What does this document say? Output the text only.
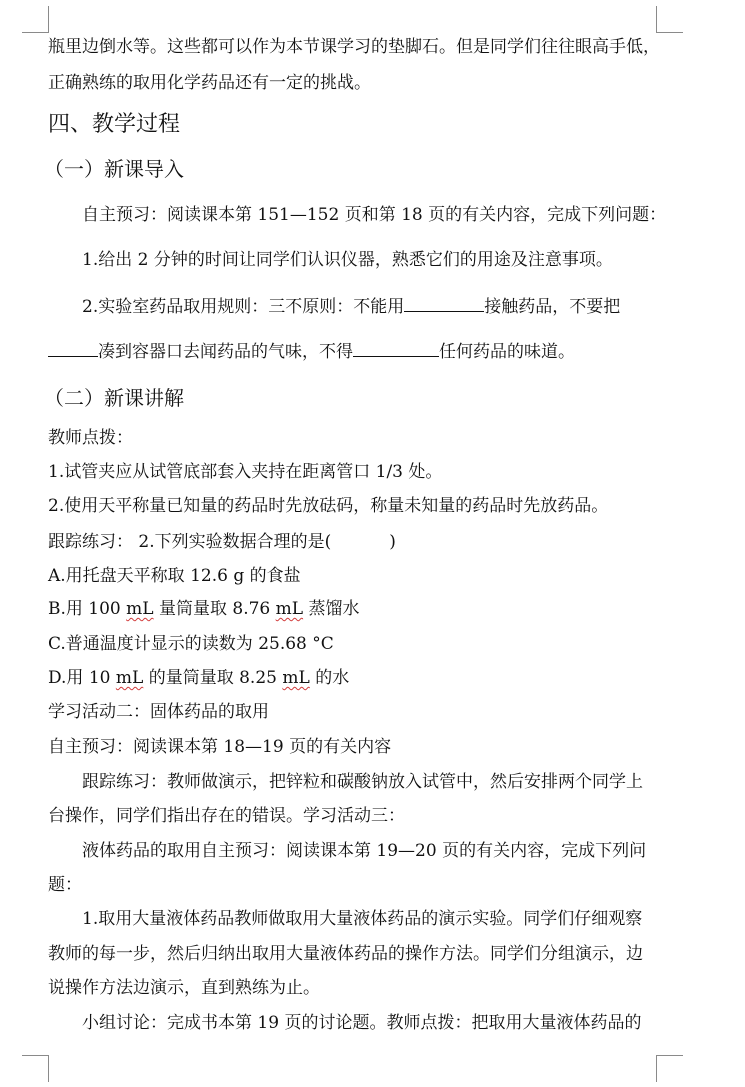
瓶里边倒水等。这些都可以作为本节课学习的垫脚石。但是同学们往往眼高手低，
正确熟练的取用化学药品还有一定的挑战。
四、教学过程
（一）新课导入
自主预习：阅读课本第 151—152 页和第 18 页的有关内容，完成下列问题：
1.给出 2 分钟的时间让同学们认识仪器，熟悉它们的用途及注意事项。
2.实验室药品取用规则：三不原则：不能用	接触药品，不要把
凑到容器口去闻药品的气味，不得	任何药品的味道。
（二）新课讲解
教师点拨：
1.试管夹应从试管底部套入夹持在距离管口 1/3 处。
2.使用天平称量已知量的药品时先放砝码，称量未知量的药品时先放药品。
跟踪练习： 2.下列实验数据合理的是(	)
A.用托盘天平称取 12.6 g 的食盐
B.用 100 mL 量筒量取 8.76 mL 蒸馏水
C.普通温度计显示的读数为 25.68 °C
D.用 10 mL 的量筒量取 8.25 mL 的水
学习活动二：固体药品的取用
自主预习：阅读课本第 18—19 页的有关内容
跟踪练习：教师做演示，把锌粒和碳酸钠放入试管中，然后安排两个同学上
台操作，同学们指出存在的错误。学习活动三：
液体药品的取用自主预习：阅读课本第 19—20 页的有关内容，完成下列问
题：
1.取用大量液体药品教师做取用大量液体药品的演示实验。同学们仔细观察
教师的每一步，然后归纳出取用大量液体药品的操作方法。同学们分组演示，边
说操作方法边演示，直到熟练为止。
小组讨论：完成书本第 19 页的讨论题。教师点拨：把取用大量液体药品的
